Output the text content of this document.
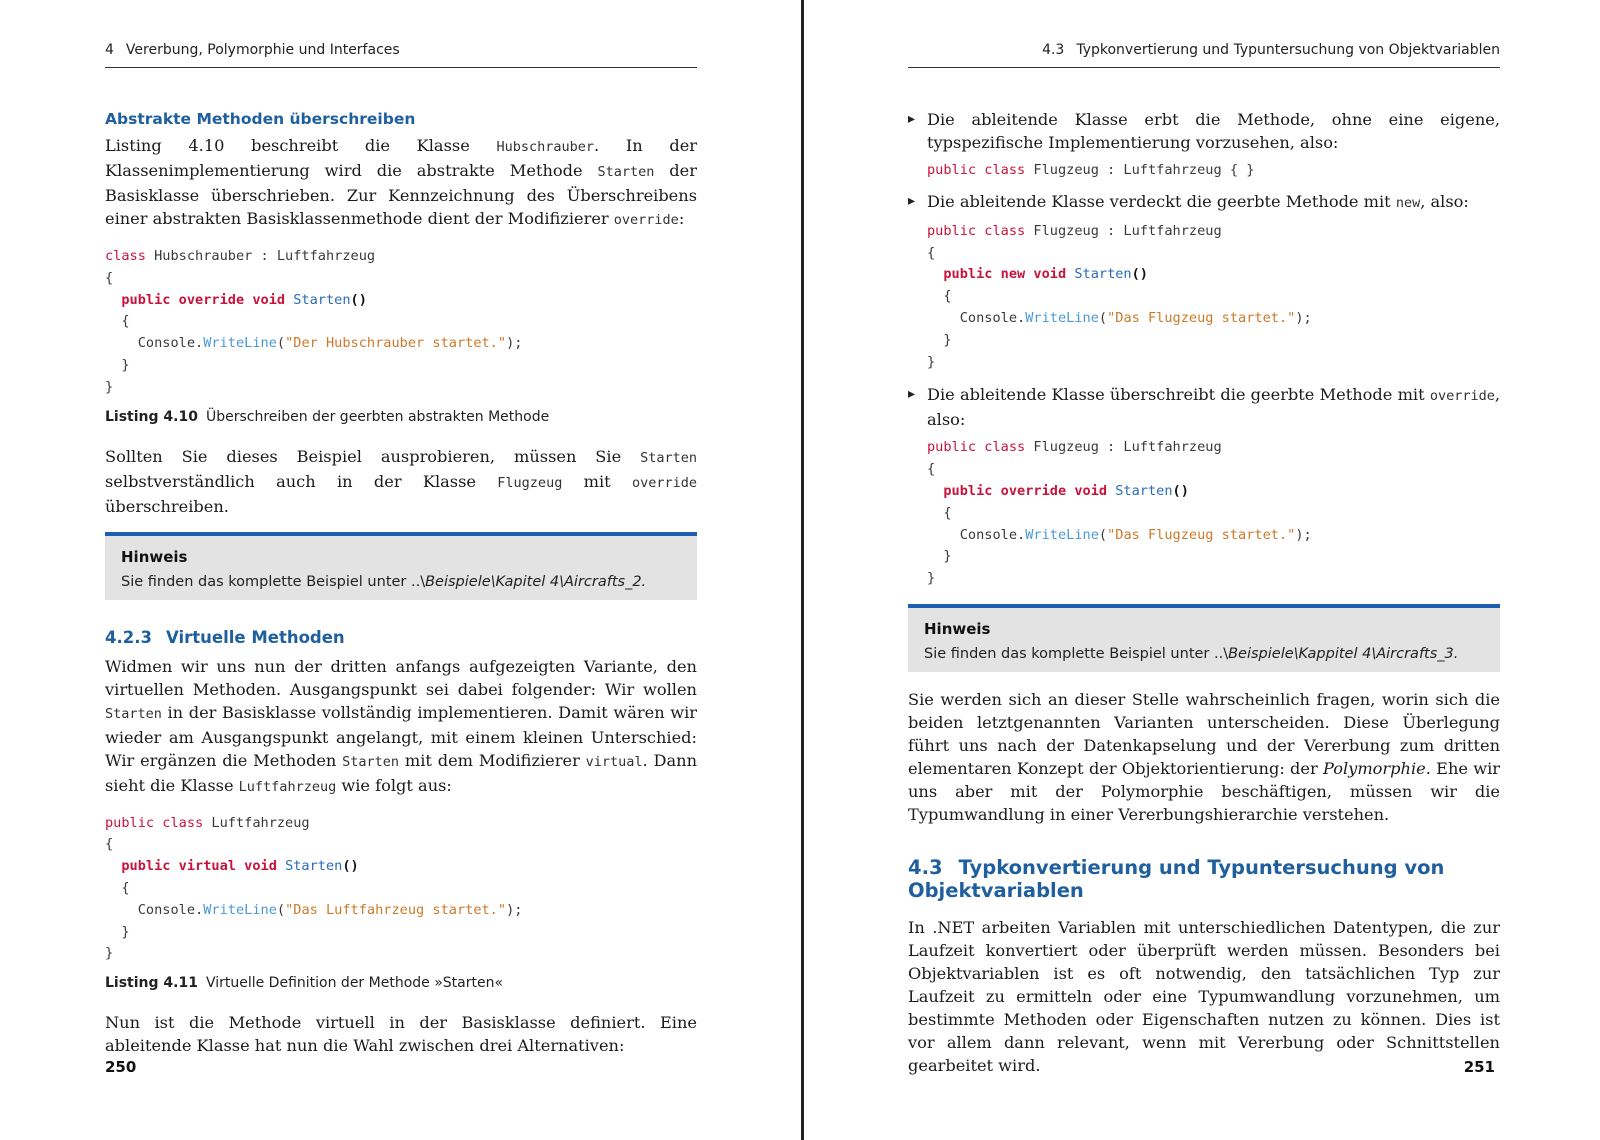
4 Vererbung, Polymorphie und Interfaces
Abstrakte Methoden überschreiben

Listing 4.10 beschreibt die Klasse Hubschrauber. In der Klassenimplementierung wird die abstrakte Methode Starten der Basisklasse überschrieben. Zur Kennzeichnung des Überschreibens einer abstrakten Basisklassenmethode dient der Modifizierer override:

class Hubschrauber : Luftfahrzeug
{
public override void Starten()
{
Console.WriteLine("Der Hubschrauber startet.");
}
}
Listing 4.10 Überschreiben der geerbten abstrakten Methode

Sollten Sie dieses Beispiel ausprobieren, müssen Sie Starten selbstverständlich auch in der Klasse Flugzeug mit override überschreiben.

Hinweis
Sie finden das komplette Beispiel unter ..\Beispiele\Kapitel 4\Aircrafts_2.
4.2.3 Virtuelle Methoden

Widmen wir uns nun der dritten anfangs aufgezeigten Variante, den virtuellen Methoden. Ausgangspunkt sei dabei folgender: Wir wollen Starten in der Basisklasse vollständig implementieren. Damit wären wir wieder am Ausgangspunkt angelangt, mit einem kleinen Unterschied: Wir ergänzen die Methoden Starten mit dem Modifizierer virtual. Dann sieht die Klasse Luftfahrzeug wie folgt aus:

public class Luftfahrzeug
{
public virtual void Starten()
{
Console.WriteLine("Das Luftfahrzeug startet.");
}
}
Listing 4.11 Virtuelle Definition der Methode »Starten«

Nun ist die Methode virtuell in der Basisklasse definiert. Eine ableitende Klasse hat nun die Wahl zwischen drei Alternativen:

250
4.3 Typkonvertierung und Typuntersuchung von Objektvariablen

▸ Die ableitende Klasse erbt die Methode, ohne eine eigene, typspezifische Implementierung vorzusehen, also:

public class Flugzeug : Luftfahrzeug { }

▸ Die ableitende Klasse verdeckt die geerbte Methode mit new, also:

public class Flugzeug : Luftfahrzeug
{
public new void Starten()
{
Console.WriteLine("Das Flugzeug startet.");
}
}

▸ Die ableitende Klasse überschreibt die geerbte Methode mit override, also:

public class Flugzeug : Luftfahrzeug
{
public override void Starten()
{
Console.WriteLine("Das Flugzeug startet.");
}
}
Hinweis
Sie finden das komplette Beispiel unter ..\Beispiele\Kappitel 4\Aircrafts_3.

Sie werden sich an dieser Stelle wahrscheinlich fragen, worin sich die beiden letztgenannten Varianten unterscheiden. Diese Überlegung führt uns nach der Datenkapselung und der Vererbung zum dritten elementaren Konzept der Objektorientierung: der Polymorphie. Ehe wir uns aber mit der Polymorphie beschäftigen, müssen wir die Typumwandlung in einer Vererbungshierarchie verstehen.

4.3 Typkonvertierung und Typuntersuchung von Objektvariablen

In .NET arbeiten Variablen mit unterschiedlichen Datentypen, die zur Laufzeit konvertiert oder überprüft werden müssen. Besonders bei Objektvariablen ist es oft notwendig, den tatsächlichen Typ zur Laufzeit zu ermitteln oder eine Typumwandlung vorzunehmen, um bestimmte Methoden oder Eigenschaften nutzen zu können. Dies ist vor allem dann relevant, wenn mit Vererbung oder Schnittstellen gearbeitet wird.	251
